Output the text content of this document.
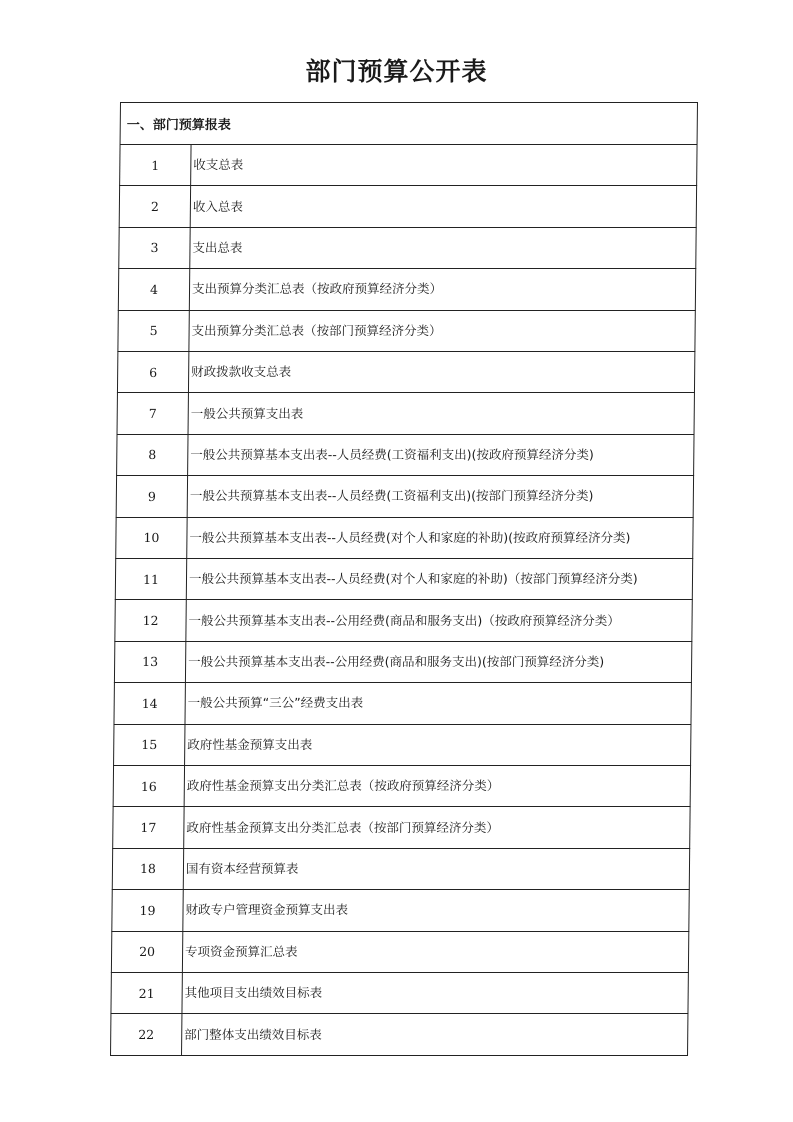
部门预算公开表
一、部门预算报表
1	收支总表
2	收入总表
3	支出总表
4	支出预算分类汇总表（按政府预算经济分类）
5	支出预算分类汇总表（按部门预算经济分类）
6	财政拨款收支总表
7	一般公共预算支出表
8	一般公共预算基本支出表--人员经费(工资福利支出)(按政府预算经济分类)
9	一般公共预算基本支出表--人员经费(工资福利支出)(按部门预算经济分类)
10	一般公共预算基本支出表--人员经费(对个人和家庭的补助)(按政府预算经济分类)
11	一般公共预算基本支出表--人员经费(对个人和家庭的补助)（按部门预算经济分类)
12	一般公共预算基本支出表--公用经费(商品和服务支出)（按政府预算经济分类）
13	一般公共预算基本支出表--公用经费(商品和服务支出)(按部门预算经济分类)
14	一般公共预算“三公”经费支出表
15	政府性基金预算支出表
16	政府性基金预算支出分类汇总表（按政府预算经济分类）
17	政府性基金预算支出分类汇总表（按部门预算经济分类）
18	国有资本经营预算表
19	财政专户管理资金预算支出表
20	专项资金预算汇总表
21	其他项目支出绩效目标表
22	部门整体支出绩效目标表
